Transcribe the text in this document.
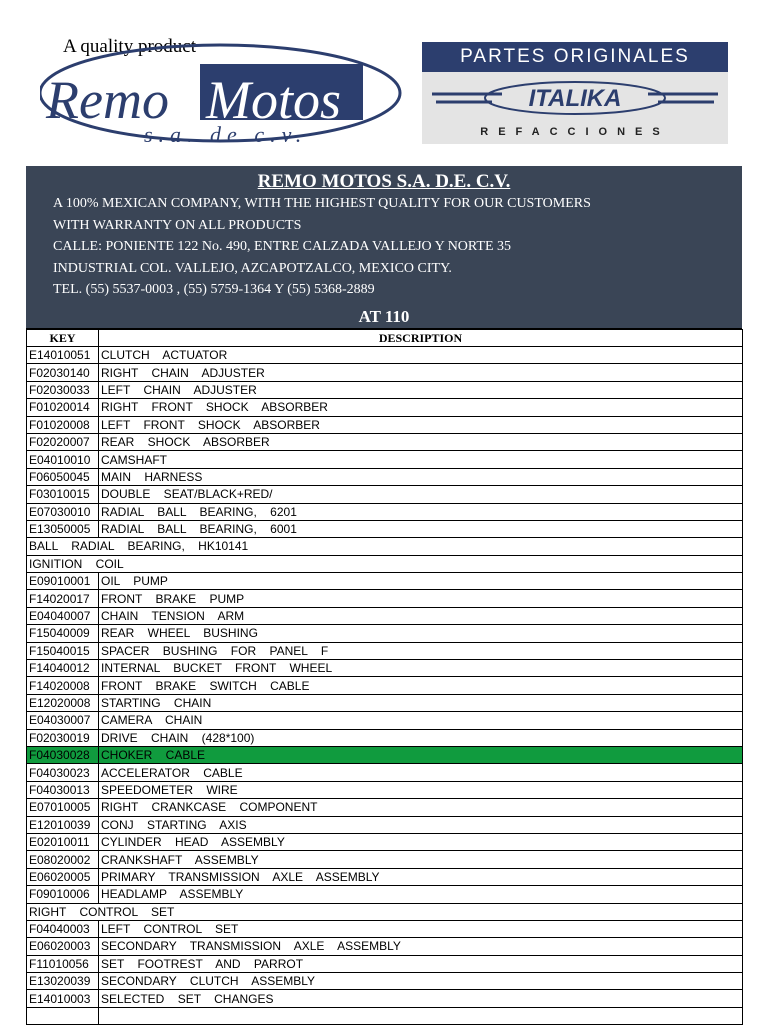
A quality product
Remo Motos
s.a. de c.v.
PARTES ORIGINALES
ITALIKA
REFACCIONES
REMO MOTOS S.A. D.E. C.V.
A 100% MEXICAN COMPANY, WITH THE HIGHEST QUALITY FOR OUR CUSTOMERS
WITH WARRANTY ON ALL PRODUCTS
CALLE: PONIENTE 122 No. 490, ENTRE CALZADA VALLEJO Y NORTE 35
INDUSTRIAL COL. VALLEJO, AZCAPOTZALCO, MEXICO CITY.
TEL. (55) 5537-0003 , (55) 5759-1364 Y (55) 5368-2889
AT 110
KEY	DESCRIPTION
E14010051	CLUTCH    ACTUATOR
F02030140	RIGHT    CHAIN    ADJUSTER
F02030033	LEFT    CHAIN    ADJUSTER
F01020014	RIGHT    FRONT    SHOCK    ABSORBER
F01020008	LEFT    FRONT    SHOCK    ABSORBER
F02020007	REAR    SHOCK    ABSORBER
E04010010	CAMSHAFT
F06050045	MAIN    HARNESS
F03010015	DOUBLE    SEAT/BLACK+RED/
E07030010	RADIAL    BALL    BEARING,    6201
E13050005	RADIAL    BALL    BEARING,    6001
BALL    RADIAL    BEARING,    HK10141	
IGNITION    COIL	
E09010001	OIL    PUMP
F14020017	FRONT    BRAKE    PUMP
E04040007	CHAIN    TENSION    ARM
F15040009	REAR    WHEEL    BUSHING
F15040015	SPACER    BUSHING    FOR    PANEL    F
F14040012	INTERNAL    BUCKET    FRONT    WHEEL
F14020008	FRONT    BRAKE    SWITCH    CABLE
E12020008	STARTING    CHAIN
E04030007	CAMERA    CHAIN
F02030019	DRIVE    CHAIN    (428*100)
F04030028	CHOKER    CABLE
F04030023	ACCELERATOR    CABLE
F04030013	SPEEDOMETER    WIRE
E07010005	RIGHT    CRANKCASE    COMPONENT
E12010039	CONJ    STARTING    AXIS
E02010011	CYLINDER    HEAD    ASSEMBLY
E08020002	CRANKSHAFT    ASSEMBLY
E06020005	PRIMARY    TRANSMISSION    AXLE    ASSEMBLY
F09010006	HEADLAMP    ASSEMBLY
RIGHT    CONTROL    SET	
F04040003	LEFT    CONTROL    SET
E06020003	SECONDARY    TRANSMISSION    AXLE    ASSEMBLY
F11010056	SET    FOOTREST    AND    PARROT
E13020039	SECONDARY    CLUTCH    ASSEMBLY
E14010003	SELECTED    SET    CHANGES
